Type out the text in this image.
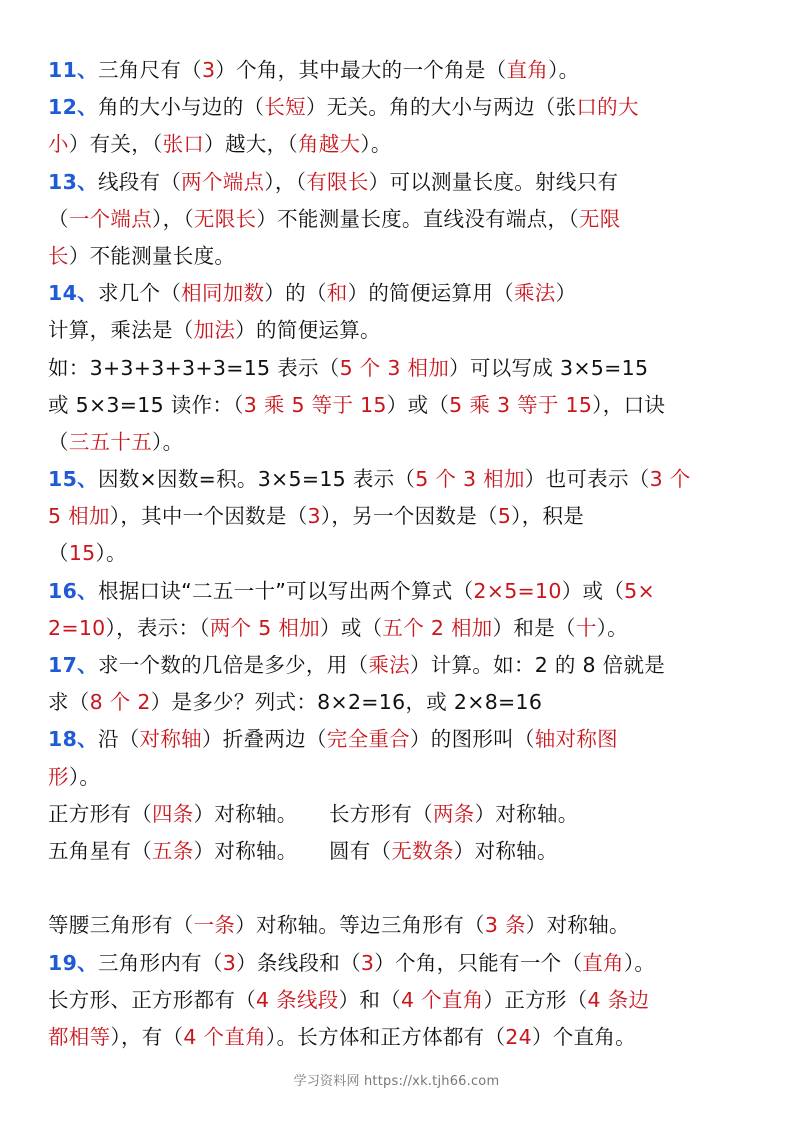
11、三角尺有（3）个角，其中最大的一个角是（直角）。
12、角的大小与边的（长短）无关。角的大小与两边（张口的大
小）有关，（张口）越大，（角越大）。
13、线段有（两个端点），（有限长）可以测量长度。射线只有
（一个端点），（无限长）不能测量长度。直线没有端点，（无限
长）不能测量长度。
14、求几个（相同加数）的（和）的简便运算用（乘法）
计算，乘法是（加法）的简便运算。
如：3+3+3+3+3=15 表示（5 个 3 相加）可以写成 3×5=15
或 5×3=15 读作：（3 乘 5 等于 15）或（5 乘 3 等于 15），口诀
（三五十五）。
15、因数×因数=积。3×5=15 表示（5 个 3 相加）也可表示（3 个
5 相加），其中一个因数是（3），另一个因数是（5），积是
（15）。
16、根据口诀“二五一十”可以写出两个算式（2×5=10）或（5×
2=10），表示：（两个 5 相加）或（五个 2 相加）和是（十）。
17、求一个数的几倍是多少，用（乘法）计算。如：2 的 8 倍就是
求（8 个 2）是多少？列式：8×2=16，或 2×8=16
18、沿（对称轴）折叠两边（完全重合）的图形叫（轴对称图
形）。
正方形有（四条）对称轴。　　长方形有（两条）对称轴。
五角星有（五条）对称轴。　　圆有（无数条）对称轴。
等腰三角形有（一条）对称轴。等边三角形有（3 条）对称轴。
19、三角形内有（3）条线段和（3）个角，只能有一个（直角）。
长方形、正方形都有（4 条线段）和（4 个直角）正方形（4 条边
都相等），有（4 个直角）。长方体和正方体都有（24）个直角。
学习资料网 https://xk.tjh66.com
